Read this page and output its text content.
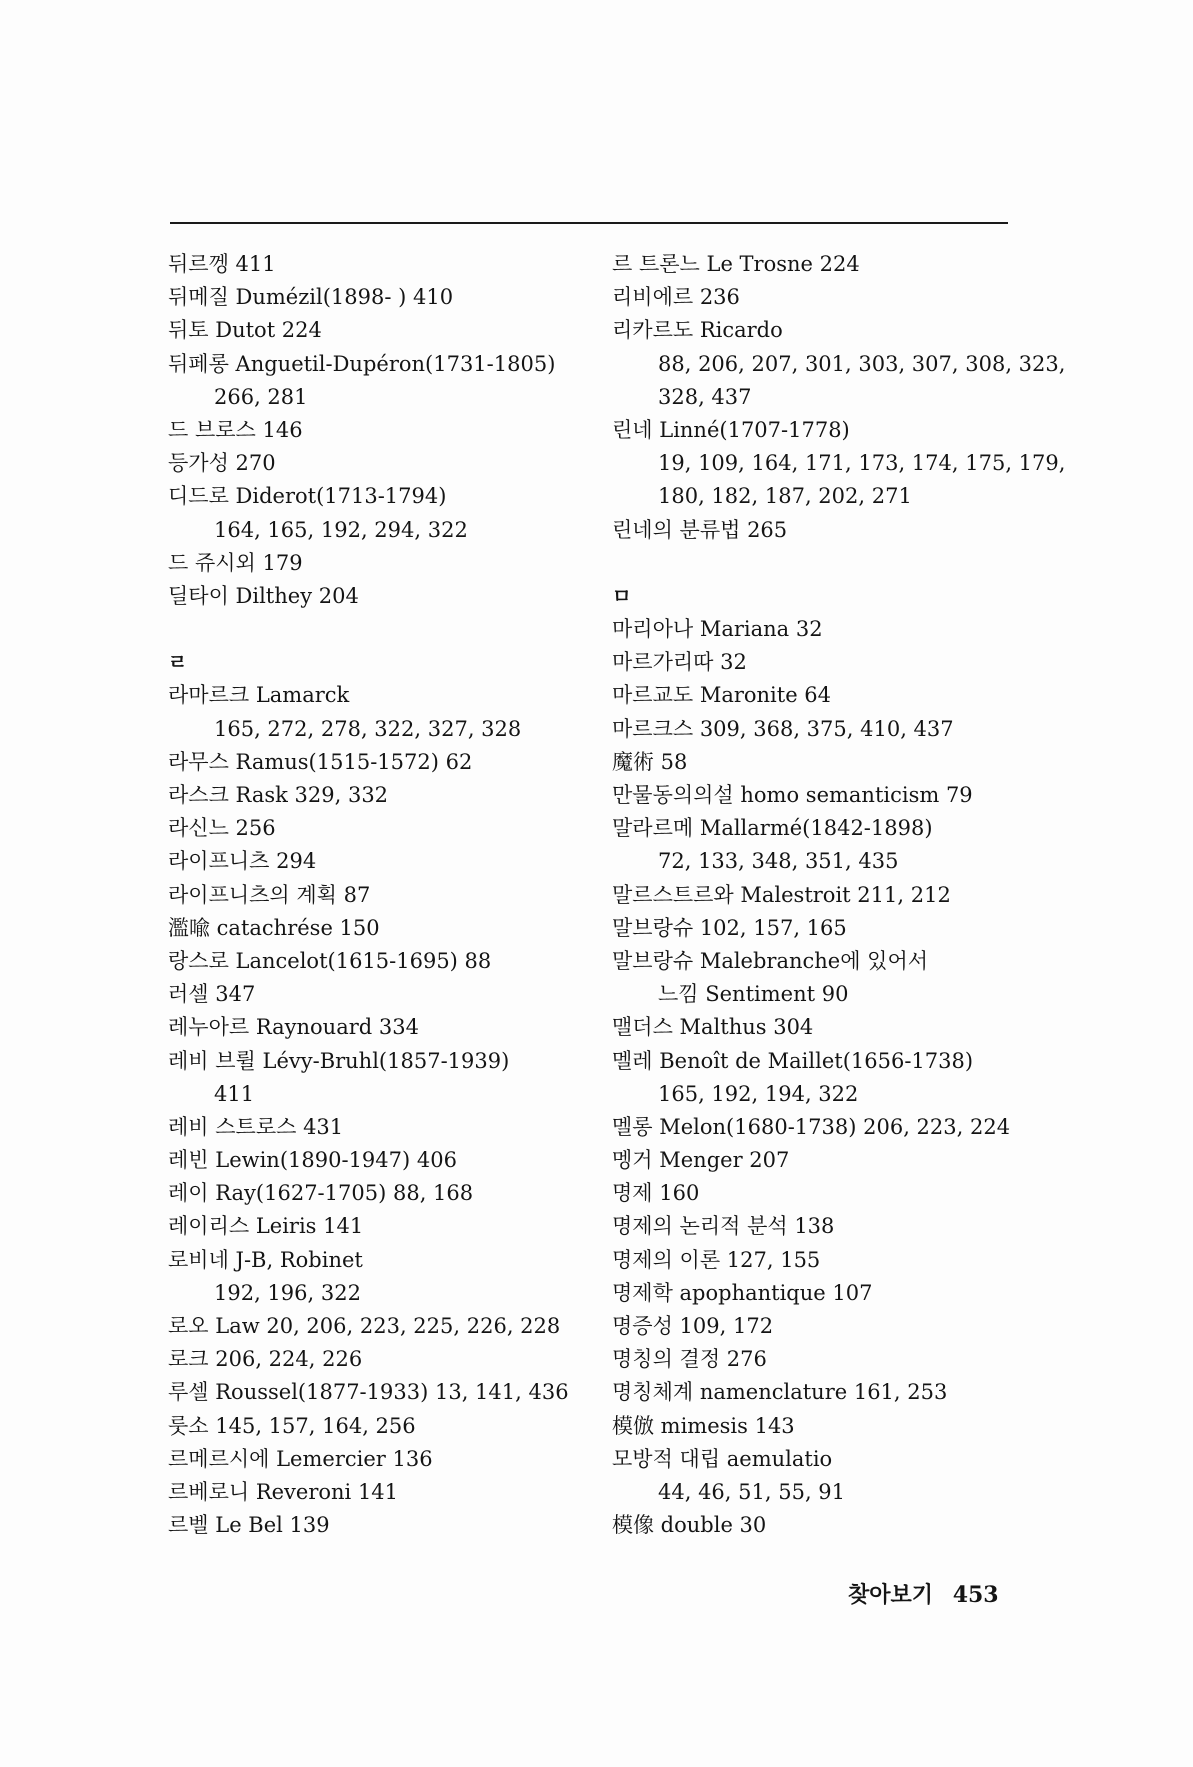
뒤르껭 411
뒤메질 Dumézil(1898- ) 410
뒤토 Dutot 224
뒤페롱 Anguetil-Dupéron(1731-1805)
266, 281
드 브로스 146
등가성 270
디드로 Diderot(1713-1794)
164, 165, 192, 294, 322
드 쥬시외 179
딜타이 Dilthey 204
ㄹ
라마르크 Lamarck
165, 272, 278, 322, 327, 328
라무스 Ramus(1515-1572) 62
라스크 Rask 329, 332
라신느 256
라이프니츠 294
라이프니츠의 계획 87
濫喩 catachrése 150
랑스로 Lancelot(1615-1695) 88
러셀 347
레누아르 Raynouard 334
레비 브륄 Lévy-Bruhl(1857-1939)
411
레비 스트로스 431
레빈 Lewin(1890-1947) 406
레이 Ray(1627-1705) 88, 168
레이리스 Leiris 141
로비네 J-B, Robinet
192, 196, 322
로오 Law 20, 206, 223, 225, 226, 228
로크 206, 224, 226
루셀 Roussel(1877-1933) 13, 141, 436
룻소 145, 157, 164, 256
르메르시에 Lemercier 136
르베로니 Reveroni 141
르벨 Le Bel 139
르 트론느 Le Trosne 224
리비에르 236
리카르도 Ricardo
88, 206, 207, 301, 303, 307, 308, 323,
328, 437
린네 Linné(1707-1778)
19, 109, 164, 171, 173, 174, 175, 179,
180, 182, 187, 202, 271
린네의 분류법 265
ㅁ
마리아나 Mariana 32
마르가리따 32
마르교도 Maronite 64
마르크스 309, 368, 375, 410, 437
魔術 58
만물동의의설 homo semanticism 79
말라르메 Mallarmé(1842-1898)
72, 133, 348, 351, 435
말르스트르와 Malestroit 211, 212
말브랑슈 102, 157, 165
말브랑슈 Malebranche에 있어서
느낌 Sentiment 90
맬더스 Malthus 304
멜레 Benoît de Maillet(1656-1738)
165, 192, 194, 322
멜롱 Melon(1680-1738) 206, 223, 224
멩거 Menger 207
명제 160
명제의 논리적 분석 138
명제의 이론 127, 155
명제학 apophantique 107
명증성 109, 172
명칭의 결정 276
명칭체계 namenclature 161, 253
模倣 mimesis 143
모방적 대립 aemulatio
44, 46, 51, 55, 91
模像 double 30
찾아보기 453
